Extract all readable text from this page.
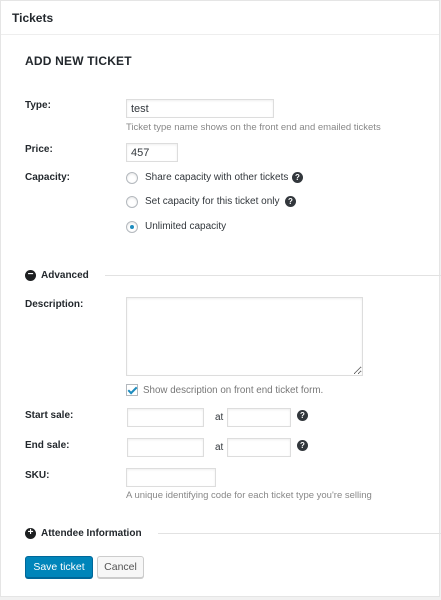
Tickets
ADD NEW TICKET
Type:
test
Ticket type name shows on the front end and emailed tickets
Price:
457
Capacity:	Share capacity with other tickets ?
Set capacity for this ticket only	?
Unlimited capacity
− Advanced
Description:
Show description on front end ticket form.
Start sale:	at	?
End sale:	at	?
SKU:
A unique identifying code for each ticket type you're selling
+ Attendee Information
Save ticket	Cancel
